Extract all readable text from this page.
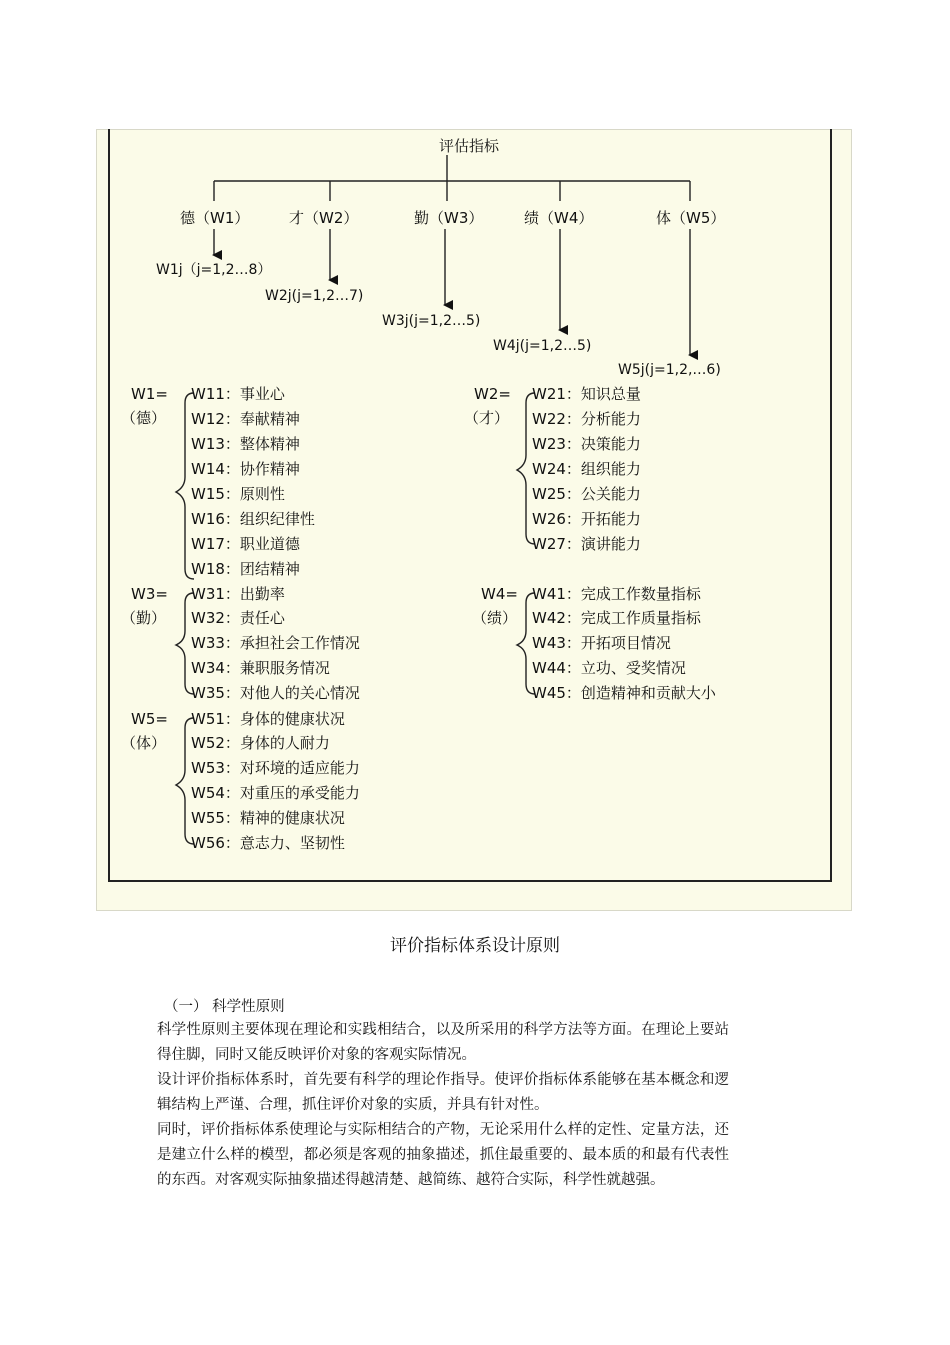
评估指标
德（W1）	才（W2）	勤（W3）	绩（W4）	体（W5）
W1j（j=1,2…8）
W2j(j=1,2…7)
W3j(j=1,2…5)
W4j(j=1,2…5)
W5j(j=1,2,…6)
W1=
（德）
W11：事业心
W12：奉献精神
W13：整体精神
W14：协作精神
W15：原则性
W16：组织纪律性
W17：职业道德
W18：团结精神
W2=
（才）
W21：知识总量
W22：分析能力
W23：决策能力
W24：组织能力
W25：公关能力
W26：开拓能力
W27：演讲能力
W3=
（勤）
W31：出勤率
W32：责任心
W33：承担社会工作情况
W34：兼职服务情况
W35：对他人的关心情况
W4=
（绩）
W41：完成工作数量指标
W42：完成工作质量指标
W43：开拓项目情况
W44：立功、受奖情况
W45：创造精神和贡献大小
W5=
（体）
W51：身体的健康状况
W52：身体的人耐力
W53：对环境的适应能力
W54：对重压的承受能力
W55：精神的健康状况
W56：意志力、坚韧性
评价指标体系设计原则
（一） 科学性原则

科学性原则主要体现在理论和实践相结合，以及所采用的科学方法等方面。在理论上要站得住脚，同时又能反映评价对象的客观实际情况。

设计评价指标体系时，首先要有科学的理论作指导。使评价指标体系能够在基本概念和逻辑结构上严谨、合理，抓住评价对象的实质，并具有针对性。

同时，评价指标体系使理论与实际相结合的产物，无论采用什么样的定性、定量方法，还是建立什么样的模型，都必须是客观的抽象描述，抓住最重要的、最本质的和最有代表性的东西。对客观实际抽象描述得越清楚、越简练、越符合实际，科学性就越强。
